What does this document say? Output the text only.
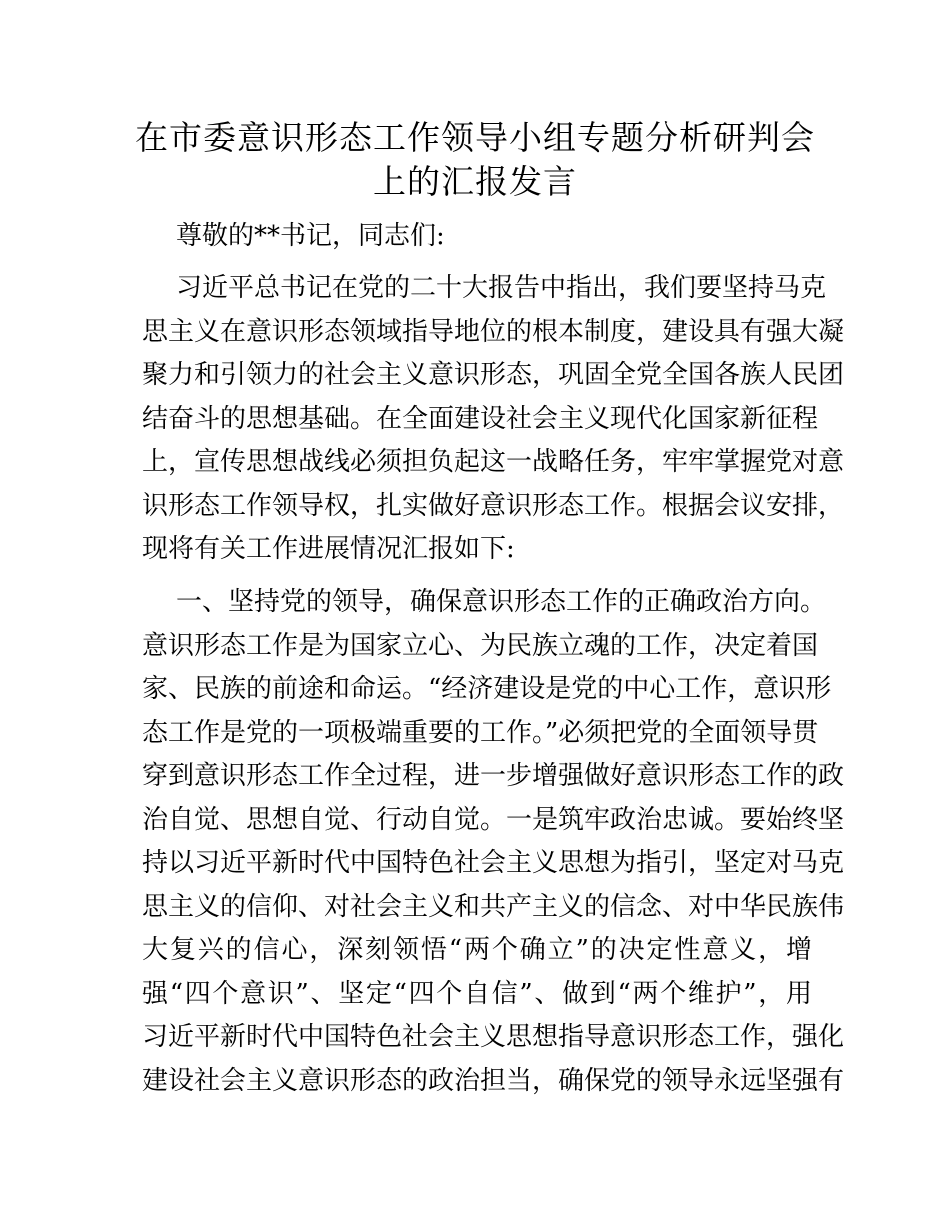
在市委意识形态工作领导小组专题分析研判会
上的汇报发言
尊敬的**书记，同志们:
习近平总书记在党的二十大报告中指出，我们要坚持马克
思主义在意识形态领域指导地位的根本制度，建设具有强大凝
聚力和引领力的社会主义意识形态，巩固全党全国各族人民团
结奋斗的思想基础。在全面建设社会主义现代化国家新征程
上，宣传思想战线必须担负起这一战略任务，牢牢掌握党对意
识形态工作领导权，扎实做好意识形态工作。根据会议安排，
现将有关工作进展情况汇报如下:
一、坚持党的领导，确保意识形态工作的正确政治方向。
意识形态工作是为国家立心、为民族立魂的工作，决定着国
家、民族的前途和命运。“经济建设是党的中心工作，意识形
态工作是党的一项极端重要的工作。”必须把党的全面领导贯
穿到意识形态工作全过程，进一步增强做好意识形态工作的政
治自觉、思想自觉、行动自觉。一是筑牢政治忠诚。要始终坚
持以习近平新时代中国特色社会主义思想为指引，坚定对马克
思主义的信仰、对社会主义和共产主义的信念、对中华民族伟
大复兴的信心，深刻领悟“两个确立”的决定性意义，增
强“四个意识”、坚定“四个自信”、做到“两个维护”，用
习近平新时代中国特色社会主义思想指导意识形态工作，强化
建设社会主义意识形态的政治担当，确保党的领导永远坚强有
